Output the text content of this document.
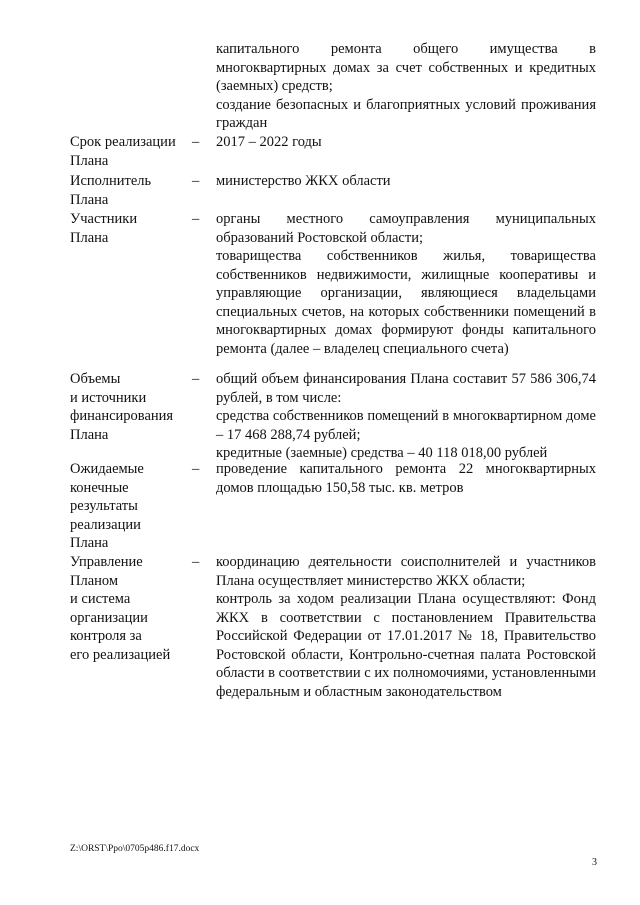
капитального ремонта общего имущества в многоквартирных домах за счет собственных и кредитных (заемных) средств;

создание безопасных и благоприятных условий проживания граждан

Срок реализации
Плана
– 2017 – 2022 годы

Исполнитель
Плана
– министерство ЖКХ области

Участники
Плана
– органы местного самоуправления муниципальных образований Ростовской области;

товарищества собственников жилья, товарищества собственников недвижимости, жилищные кооперативы и управляющие организации, являющиеся владельцами специальных счетов, на которых собственники помещений в многоквартирных домах формируют фонды капитального ремонта (далее – владелец специального счета)

Объемы
и источники
финансирования
Плана
– общий объем финансирования Плана составит 57 586 306,74 рублей, в том числе:

средства собственников помещений в многоквартирном доме – 17 468 288,74 рублей;

кредитные (заемные) средства – 40 118 018,00 рублей

Ожидаемые
конечные
результаты
реализации
Плана
– проведение капитального ремонта 22 многоквартирных домов площадью 150,58 тыс. кв. метров

Управление
Планом
и система
организации
контроля за
его реализацией
– координацию деятельности соисполнителей и участников Плана осуществляет министерство ЖКХ области;

контроль за ходом реализации Плана осуществляют: Фонд ЖКХ в соответствии с постановлением Правительства Российской Федерации от 17.01.2017 № 18, Правительство Ростовской области, Контрольно-счетная палата Ростовской области в соответствии с их полномочиями, установленными федеральным и областным законодательством

Z:\ORST\Ppo\0705p486.f17.docx
3
